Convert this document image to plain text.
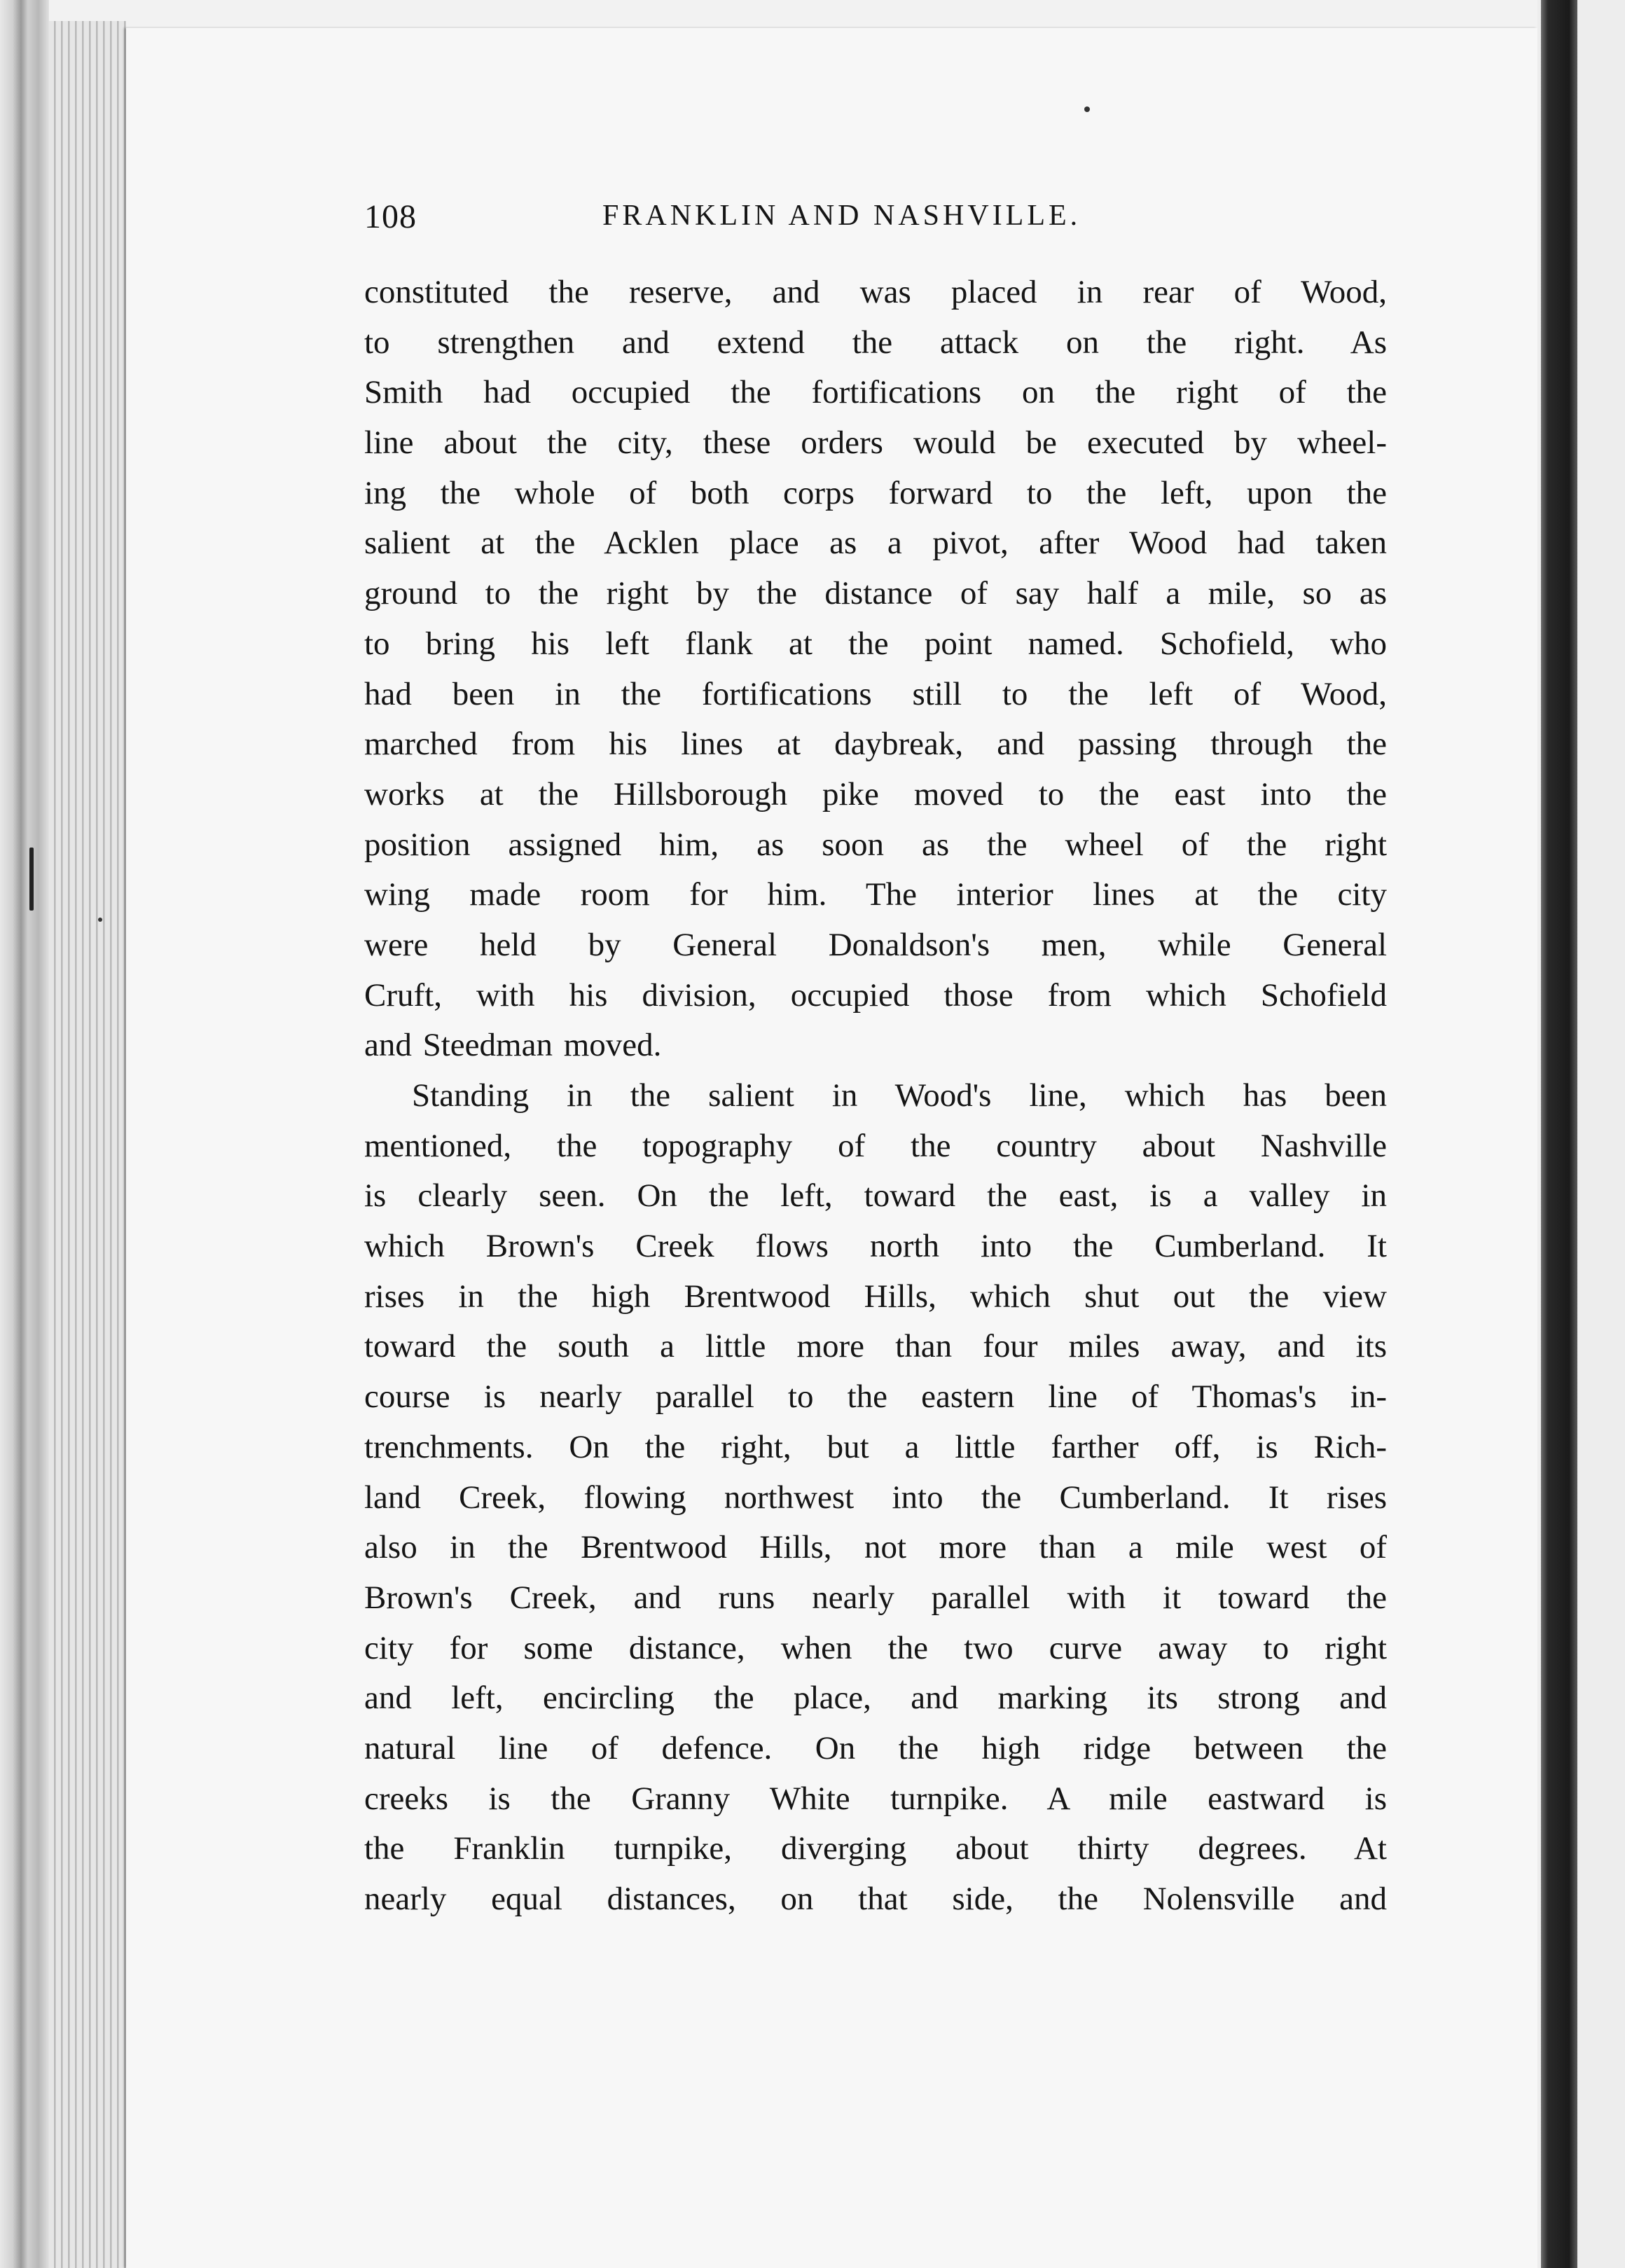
108	FRANKLIN AND NASHVILLE.
constituted the reserve, and was placed in rear of Wood,
to strengthen and extend the attack on the right. As
Smith had occupied the fortifications on the right of the
line about the city, these orders would be executed by wheel-
ing the whole of both corps forward to the left, upon the
salient at the Acklen place as a pivot, after Wood had taken
ground to the right by the distance of say half a mile, so as
to bring his left flank at the point named. Schofield, who
had been in the fortifications still to the left of Wood,
marched from his lines at daybreak, and passing through the
works at the Hillsborough pike moved to the east into the
position assigned him, as soon as the wheel of the right
wing made room for him. The interior lines at the city
were held by General Donaldson's men, while General
Cruft, with his division, occupied those from which Schofield
and Steedman moved.
Standing in the salient in Wood's line, which has been
mentioned, the topography of the country about Nashville
is clearly seen. On the left, toward the east, is a valley in
which Brown's Creek flows north into the Cumberland. It
rises in the high Brentwood Hills, which shut out the view
toward the south a little more than four miles away, and its
course is nearly parallel to the eastern line of Thomas's in-
trenchments. On the right, but a little farther off, is Rich-
land Creek, flowing northwest into the Cumberland. It rises
also in the Brentwood Hills, not more than a mile west of
Brown's Creek, and runs nearly parallel with it toward the
city for some distance, when the two curve away to right
and left, encircling the place, and marking its strong and
natural line of defence. On the high ridge between the
creeks is the Granny White turnpike. A mile eastward is
the Franklin turnpike, diverging about thirty degrees. At
nearly equal distances, on that side, the Nolensville and
